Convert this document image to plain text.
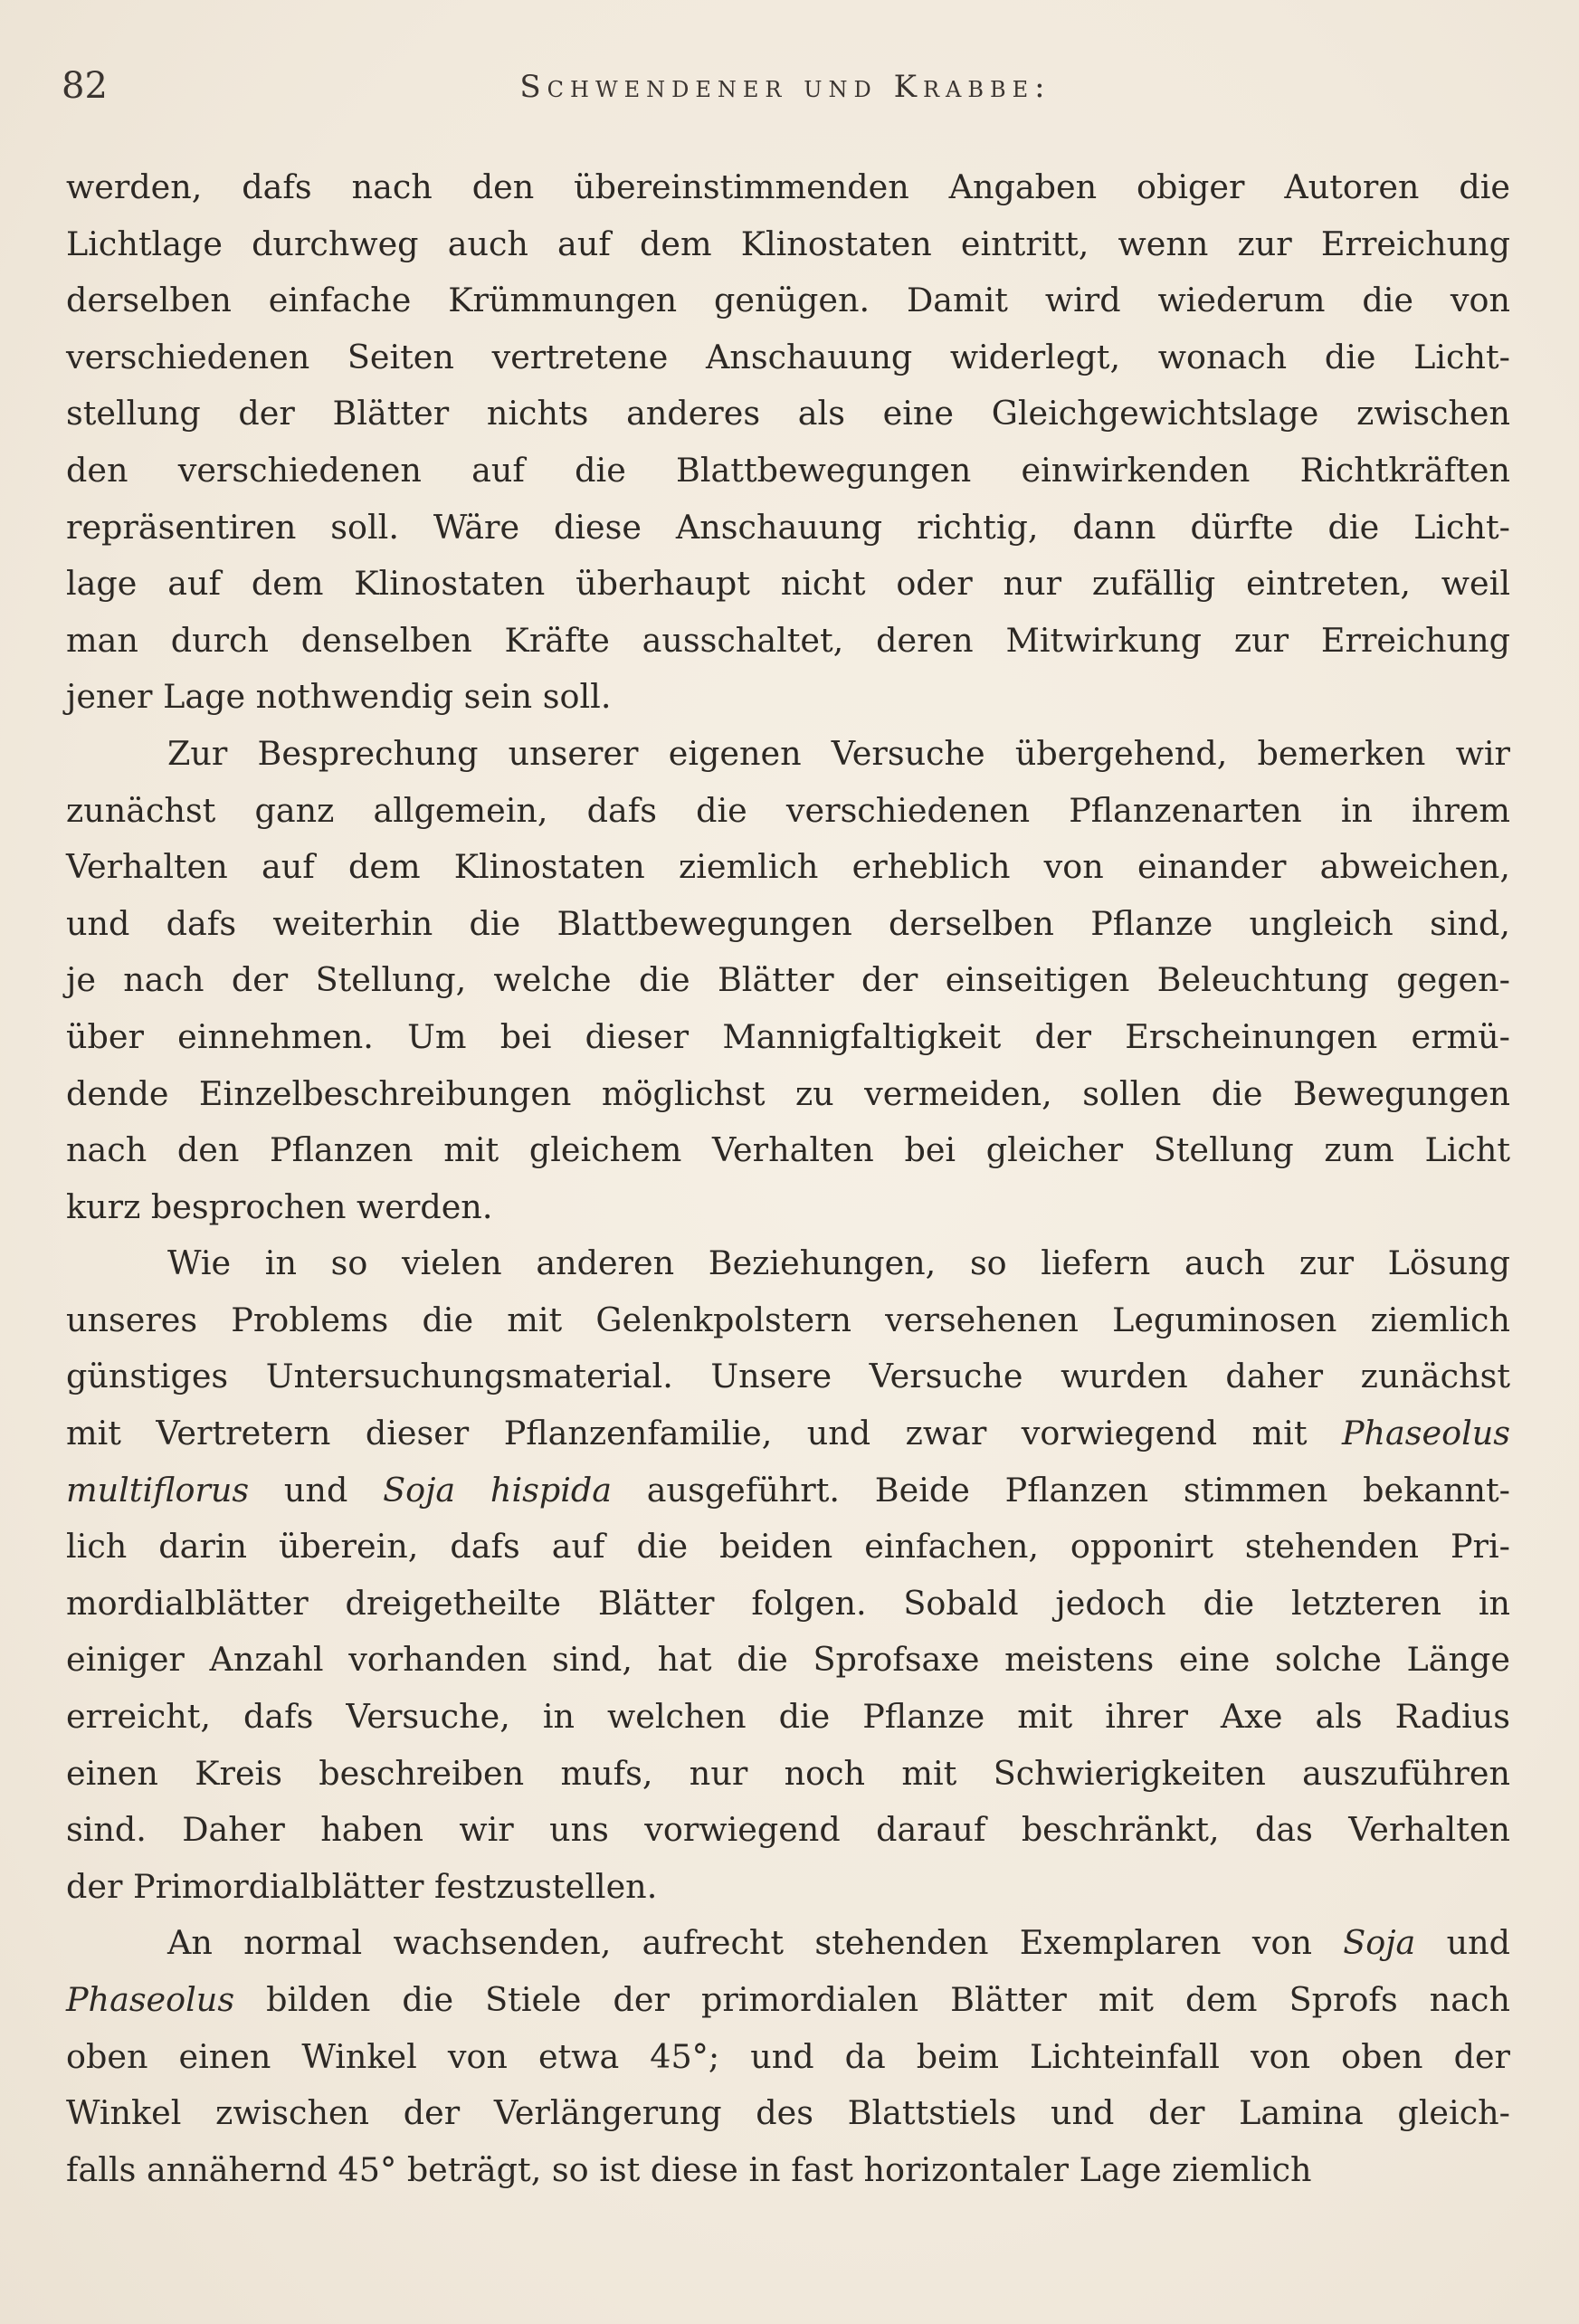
82	Schwendener und Krabbe:
werden, dafs nach den übereinstimmenden Angaben obiger Autoren die
Lichtlage durchweg auch auf dem Klinostaten eintritt, wenn zur Erreichung
derselben einfache Krümmungen genügen. Damit wird wiederum die von
verschiedenen Seiten vertretene Anschauung widerlegt, wonach die Licht-
stellung der Blätter nichts anderes als eine Gleichgewichtslage zwischen
den verschiedenen auf die Blattbewegungen einwirkenden Richtkräften
repräsentiren soll. Wäre diese Anschauung richtig, dann dürfte die Licht-
lage auf dem Klinostaten überhaupt nicht oder nur zufällig eintreten, weil
man durch denselben Kräfte ausschaltet, deren Mitwirkung zur Erreichung
jener Lage nothwendig sein soll.
Zur Besprechung unserer eigenen Versuche übergehend, bemerken wir
zunächst ganz allgemein, dafs die verschiedenen Pflanzenarten in ihrem
Verhalten auf dem Klinostaten ziemlich erheblich von einander abweichen,
und dafs weiterhin die Blattbewegungen derselben Pflanze ungleich sind,
je nach der Stellung, welche die Blätter der einseitigen Beleuchtung gegen-
über einnehmen. Um bei dieser Mannigfaltigkeit der Erscheinungen ermü-
dende Einzelbeschreibungen möglichst zu vermeiden, sollen die Bewegungen
nach den Pflanzen mit gleichem Verhalten bei gleicher Stellung zum Licht
kurz besprochen werden.
Wie in so vielen anderen Beziehungen, so liefern auch zur Lösung
unseres Problems die mit Gelenkpolstern versehenen Leguminosen ziemlich
günstiges Untersuchungsmaterial. Unsere Versuche wurden daher zunächst
mit Vertretern dieser Pflanzenfamilie, und zwar vorwiegend mit Phaseolus
multiflorus und Soja hispida ausgeführt. Beide Pflanzen stimmen bekannt-
lich darin überein, dafs auf die beiden einfachen, opponirt stehenden Pri-
mordialblätter dreigetheilte Blätter folgen. Sobald jedoch die letzteren in
einiger Anzahl vorhanden sind, hat die Sprofsaxe meistens eine solche Länge
erreicht, dafs Versuche, in welchen die Pflanze mit ihrer Axe als Radius
einen Kreis beschreiben mufs, nur noch mit Schwierigkeiten auszuführen
sind. Daher haben wir uns vorwiegend darauf beschränkt, das Verhalten
der Primordialblätter festzustellen.
An normal wachsenden, aufrecht stehenden Exemplaren von Soja und
Phaseolus bilden die Stiele der primordialen Blätter mit dem Sprofs nach
oben einen Winkel von etwa 45°; und da beim Lichteinfall von oben der
Winkel zwischen der Verlängerung des Blattstiels und der Lamina gleich-
falls annähernd 45° beträgt, so ist diese in fast horizontaler Lage ziemlich
